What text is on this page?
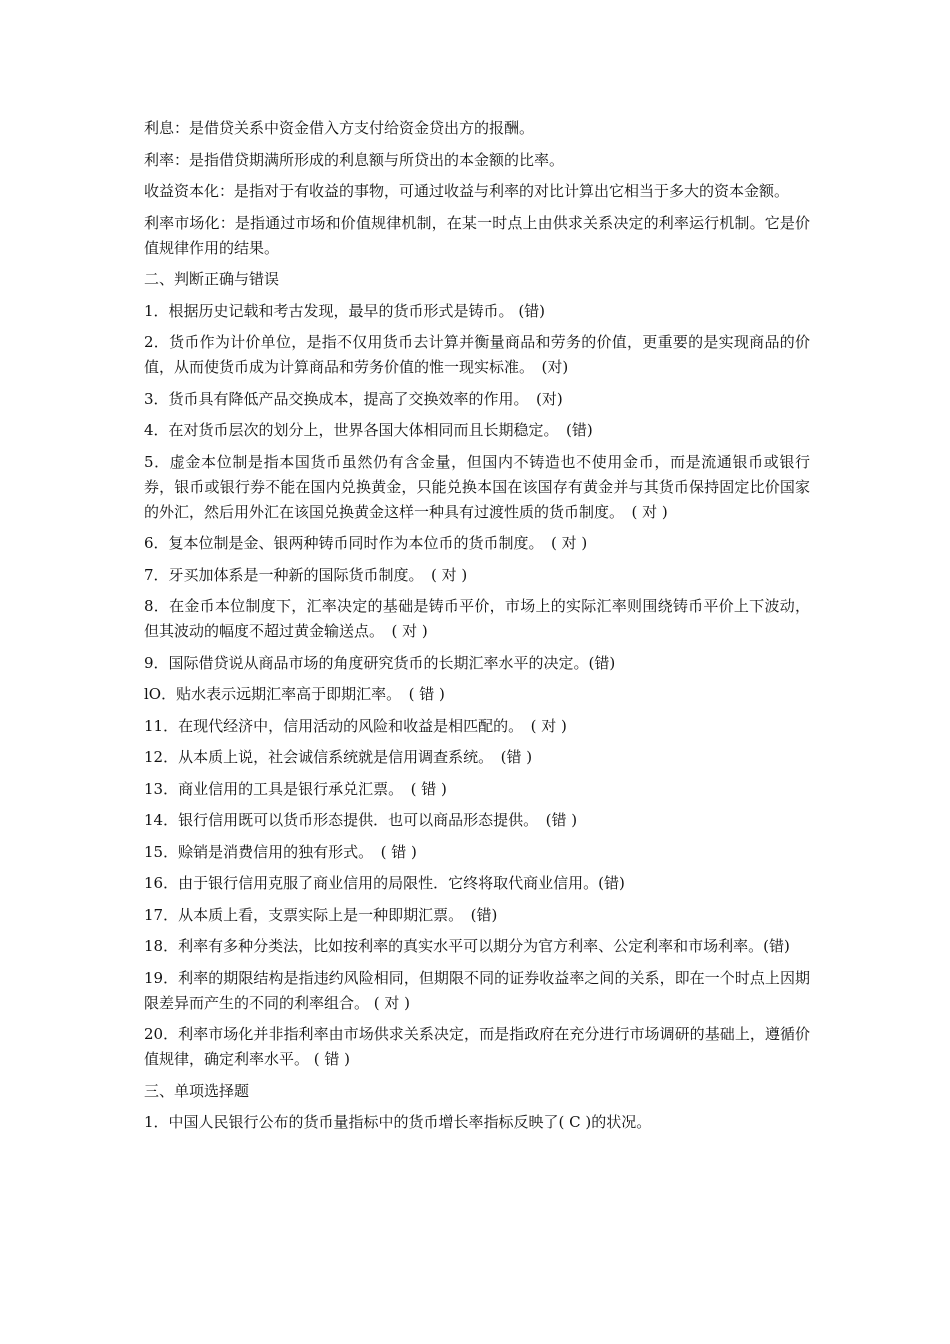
利息：是借贷关系中资金借入方支付给资金贷出方的报酬。

利率：是指借贷期满所形成的利息额与所贷出的本金额的比率。

收益资本化：是指对于有收益的事物，可通过收益与利率的对比计算出它相当于多大的资本金额。

利率市场化：是指通过市场和价值规律机制，在某一时点上由供求关系决定的利率运行机制。它是价值规律作用的结果。

二、判断正确与错误

1．根据历史记载和考古发现，最早的货币形式是铸币。 (错)

2．货币作为计价单位，是指不仅用货币去计算并衡量商品和劳务的价值，更重要的是实现商品的价值，从而使货币成为计算商品和劳务价值的惟一现实标准。　(对)

3．货币具有降低产品交换成本，提高了交换效率的作用。　(对)

4．在对货币层次的划分上，世界各国大体相同而且长期稳定。　(错)

5．虚金本位制是指本国货币虽然仍有含金量，但国内不铸造也不使用金币，而是流通银币或银行券，银币或银行券不能在国内兑换黄金，只能兑换本国在该国存有黄金并与其货币保持固定比价国家的外汇，然后用外汇在该国兑换黄金这样一种具有过渡性质的货币制度。　( 对 )

6．复本位制是金、银两种铸币同时作为本位币的货币制度。　( 对 )

7．牙买加体系是一种新的国际货币制度。　( 对 )

8．在金币本位制度下，汇率决定的基础是铸币平价，市场上的实际汇率则围绕铸币平价上下波动，但其波动的幅度不超过黄金输送点。　( 对 )

9．国际借贷说从商品市场的角度研究货币的长期汇率水平的决定。(错)

lO．贴水表示远期汇率高于即期汇率。　( 错 )

11．在现代经济中，信用活动的风险和收益是相匹配的。　( 对 )

12．从本质上说，社会诚信系统就是信用调查系统。　(错 )

13．商业信用的工具是银行承兑汇票。　( 错 )

14．银行信用既可以货币形态提供．也可以商品形态提供。　(错 )

15．赊销是消费信用的独有形式。　( 错 )

16．由于银行信用克服了商业信用的局限性．它终将取代商业信用。(错)

17．从本质上看，支票实际上是一种即期汇票。　(错)

18．利率有多种分类法，比如按利率的真实水平可以期分为官方利率、公定利率和市场利率。(错)

19．利率的期限结构是指违约风险相同，但期限不同的证券收益率之间的关系，即在一个时点上因期限差异而产生的不同的利率组合。 ( 对 )

20．利率市场化并非指利率由市场供求关系决定，而是指政府在充分进行市场调研的基础上，遵循价值规律，确定利率水平。 ( 错 )

三、单项选择题

1．中国人民银行公布的货币量指标中的货币增长率指标反映了( C )的状况。
